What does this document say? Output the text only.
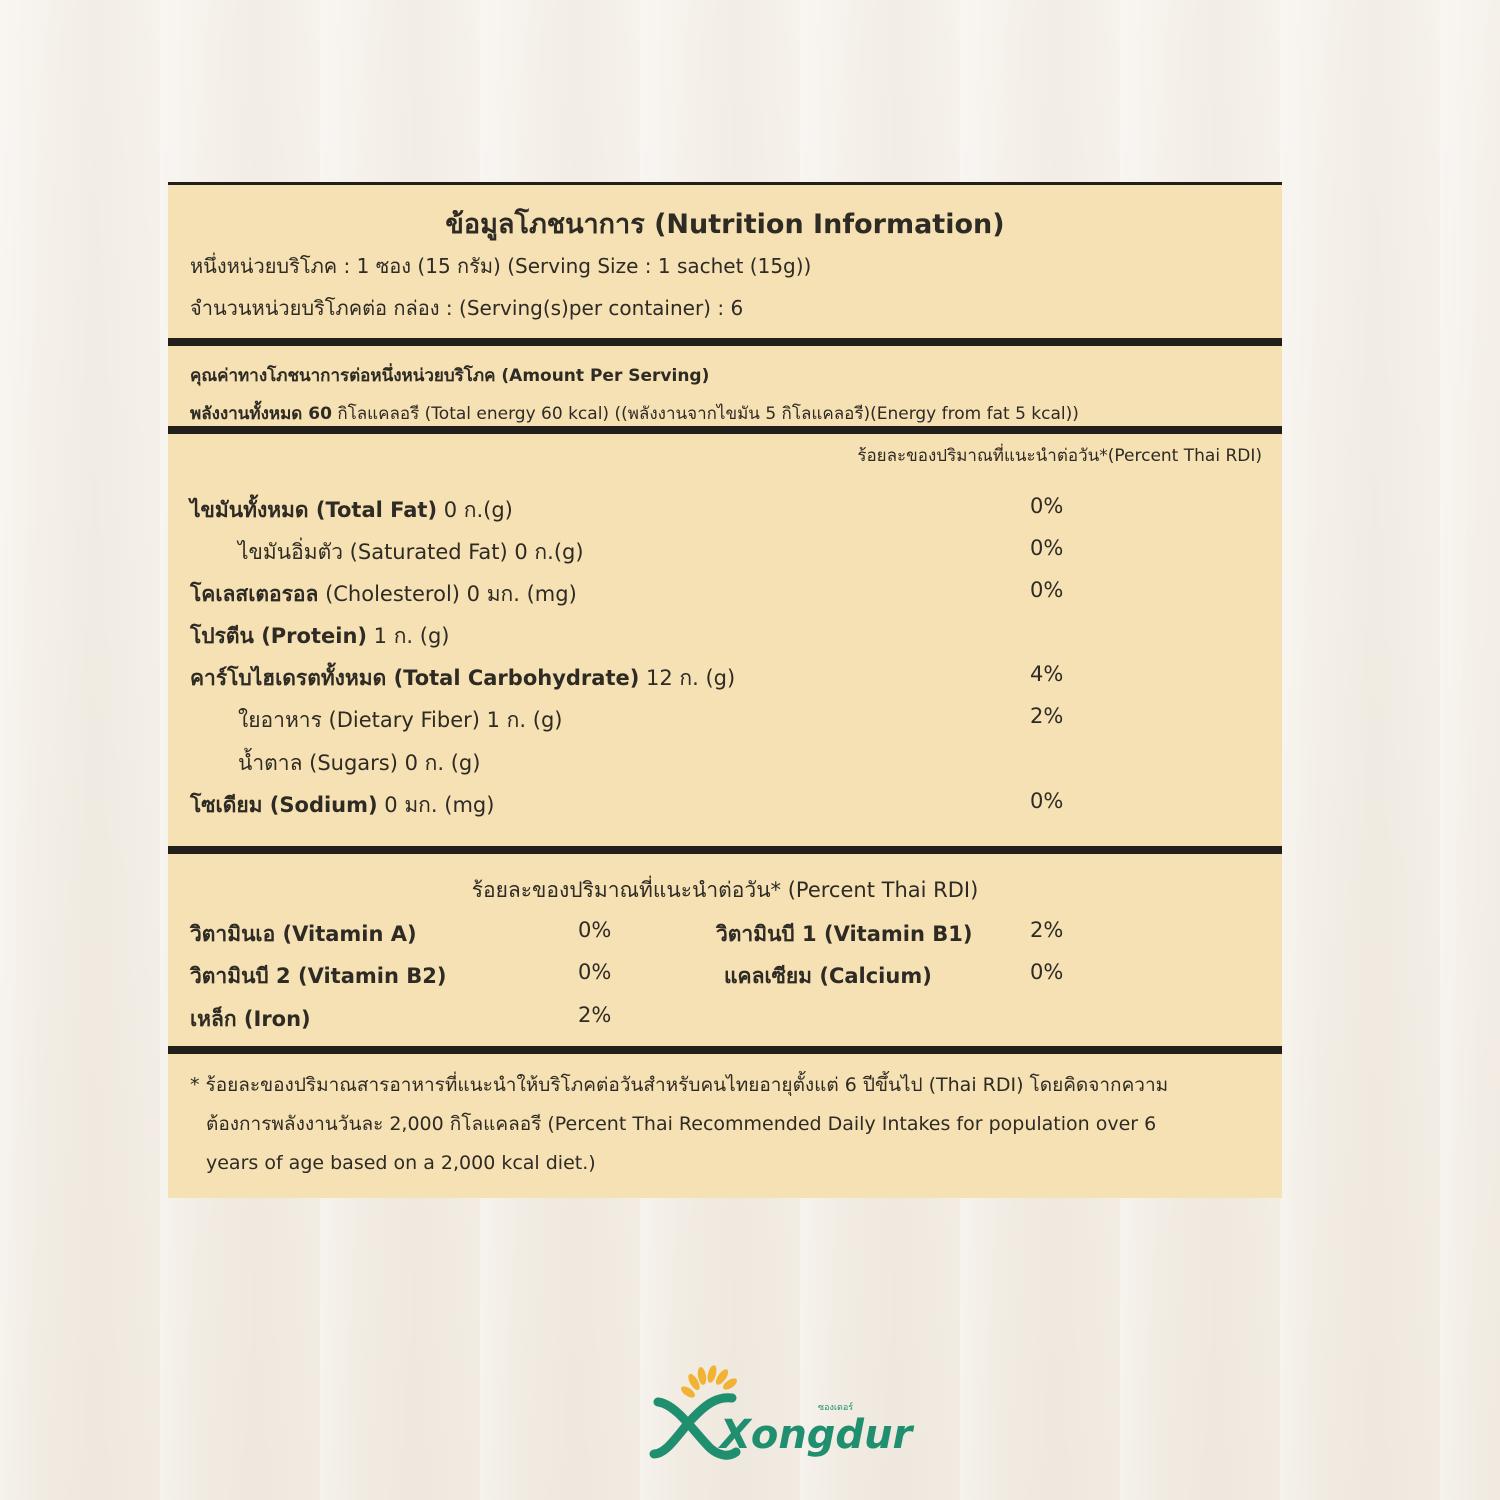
ข้อมูลโภชนาการ (Nutrition Information)
หนึ่งหน่วยบริโภค : 1 ซอง (15 กรัม) (Serving Size : 1 sachet (15g))
จำนวนหน่วยบริโภคต่อ กล่อง : (Serving(s)per container) : 6
คุณค่าทางโภชนาการต่อหนึ่งหน่วยบริโภค (Amount Per Serving)
พลังงานทั้งหมด 60 กิโลแคลอรี (Total energy 60 kcal) ((พลังงานจากไขมัน 5 กิโลแคลอรี)(Energy from fat 5 kcal))
ร้อยละของปริมาณที่แนะนำต่อวัน*(Percent Thai RDI)
ไขมันทั้งหมด (Total Fat) 0 ก.(g)	0%
ไขมันอิ่มตัว (Saturated Fat) 0 ก.(g)	0%
โคเลสเตอรอล (Cholesterol) 0 มก. (mg)	0%
โปรตีน (Protein) 1 ก. (g)
คาร์โบไฮเดรตทั้งหมด (Total Carbohydrate) 12 ก. (g)	4%
ใยอาหาร (Dietary Fiber) 1 ก. (g)	2%
น้ำตาล (Sugars) 0 ก. (g)
โซเดียม (Sodium) 0 มก. (mg)	0%
ร้อยละของปริมาณที่แนะนำต่อวัน* (Percent Thai RDI)
วิตามินเอ (Vitamin A)	0%	วิตามินบี 1 (Vitamin B1)	2%
วิตามินบี 2 (Vitamin B2)	0%	แคลเซียม (Calcium)	0%
เหล็ก (Iron)	2%
* ร้อยละของปริมาณสารอาหารที่แนะนำให้บริโภคต่อวันสำหรับคนไทยอายุตั้งแต่ 6 ปีขึ้นไป (Thai RDI) โดยคิดจากความ
ต้องการพลังงานวันละ 2,000 กิโลแคลอรี (Percent Thai Recommended Daily Intakes for population over 6
years of age based on a 2,000 kcal diet.)
Xongdur
ซองเดอร์
